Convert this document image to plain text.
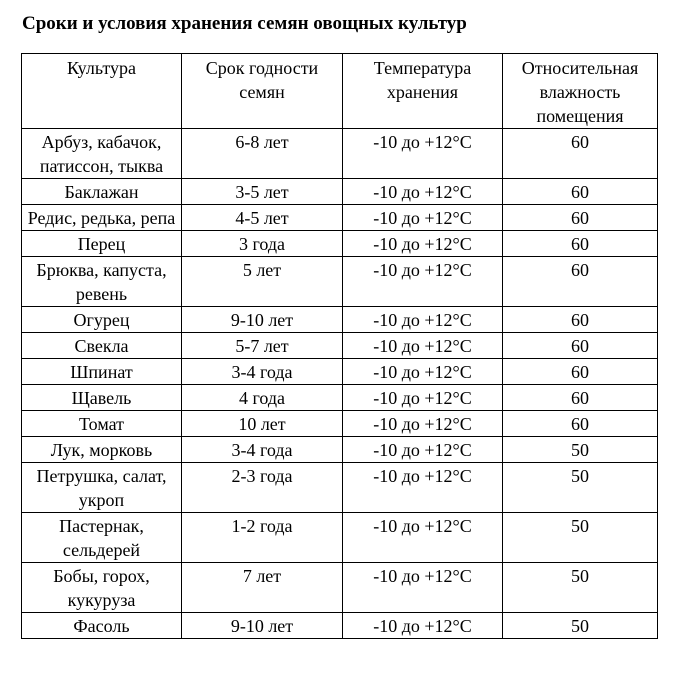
Сроки и условия хранения семян овощных культур
Культура	Срок годности семян	Температура хранения	Относительная влажность помещения
Арбуз, кабачок, патиссон, тыква	6-8 лет	-10 до +12°C	60
Баклажан	3-5 лет	-10 до +12°C	60
Редис, редька, репа	4-5 лет	-10 до +12°C	60
Перец	3 года	-10 до +12°C	60
Брюква, капуста, ревень	5 лет	-10 до +12°C	60
Огурец	9-10 лет	-10 до +12°C	60
Свекла	5-7 лет	-10 до +12°C	60
Шпинат	3-4 года	-10 до +12°C	60
Щавель	4 года	-10 до +12°C	60
Томат	10 лет	-10 до +12°C	60
Лук, морковь	3-4 года	-10 до +12°C	50
Петрушка, салат, укроп	2-3 года	-10 до +12°C	50
Пастернак, сельдерей	1-2 года	-10 до +12°C	50
Бобы, горох, кукуруза	7 лет	-10 до +12°C	50
Фасоль	9-10 лет	-10 до +12°C	50
